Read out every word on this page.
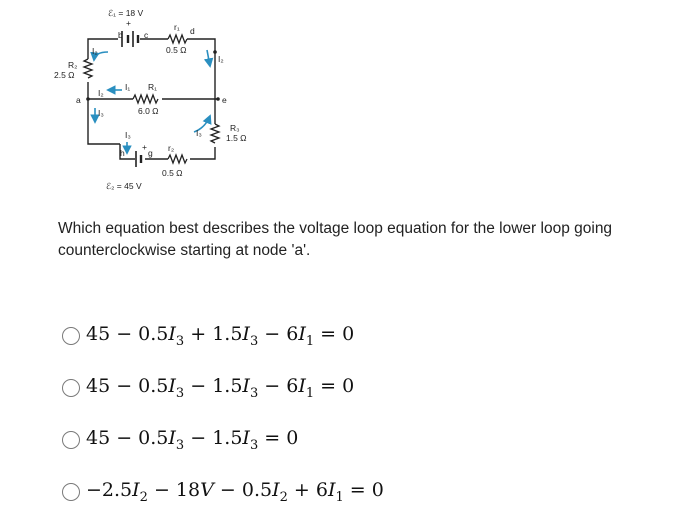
ℰ₁ = 18 V
ℰ₂ = 45 V
r₁
0.5 Ω
R₁
6.0 Ω
R₂
2.5 Ω
R₃
1.5 Ω
r₂
0.5 Ω
a
b	c	d
e
g
h
I₁
I₂
I₂
I₂
I₃
I₃	I₃
+
+
Which equation best describes the voltage loop equation for the lower loop going counterclockwise starting at node 'a'.
$45 - 0.5I_3 + 1.5I_3 - 6I_1 = 0$
$45 - 0.5I_3 - 1.5I_3 - 6I_1 = 0$
$45 - 0.5I_3 - 1.5I_3 = 0$
$-2.5I_2 - 18V - 0.5I_2 + 6I_1 = 0$
